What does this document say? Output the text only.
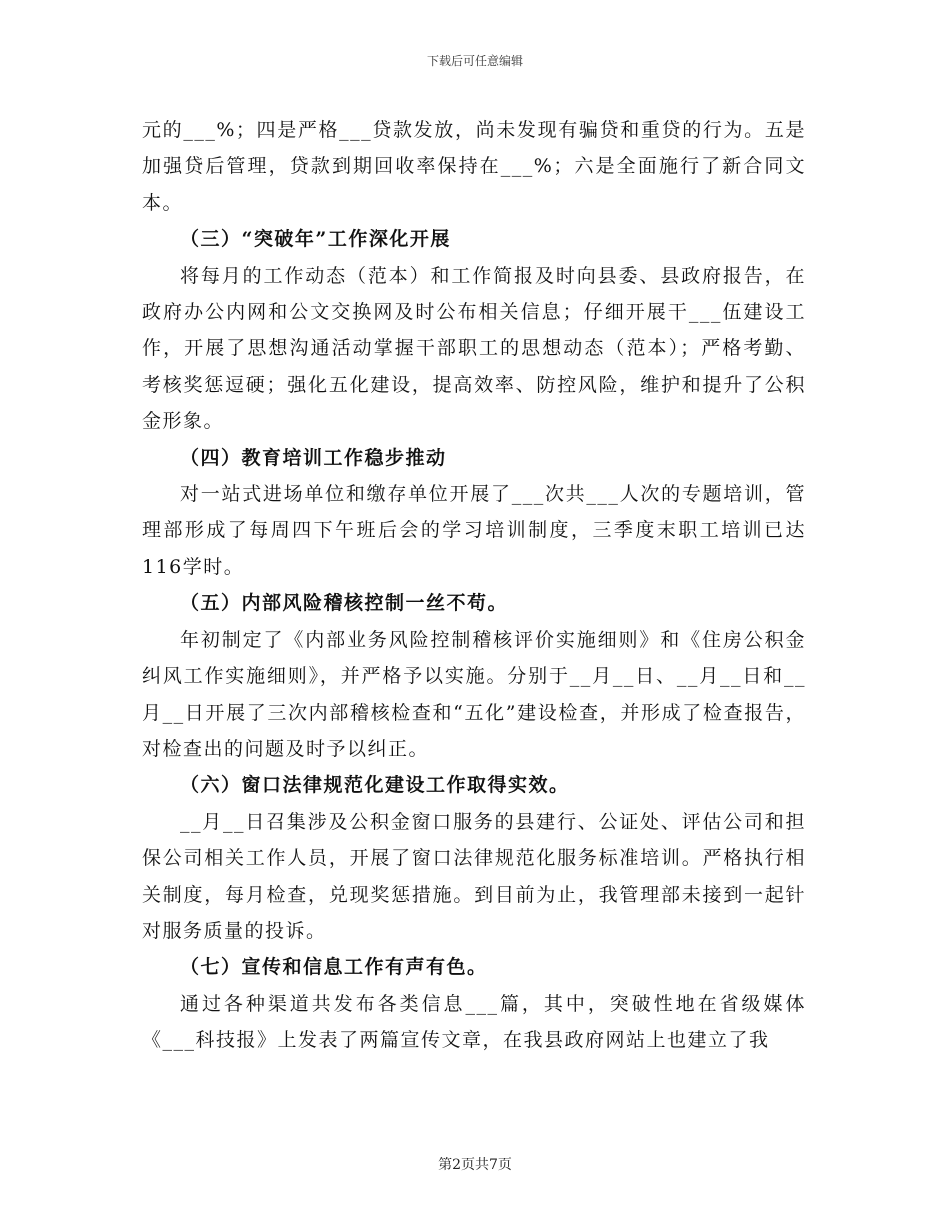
下载后可任意编辑

元的___%；四是严格___贷款发放，尚未发现有骗贷和重贷的行为。五是加强贷后管理，贷款到期回收率保持在___%；六是全面施行了新合同文本。

（三）“突破年”工作深化开展

将每月的工作动态（范本）和工作简报及时向县委、县政府报告，在政府办公内网和公文交换网及时公布相关信息；仔细开展干___伍建设工作，开展了思想沟通活动掌握干部职工的思想动态（范本）；严格考勤、考核奖惩逗硬；强化五化建设，提高效率、防控风险，维护和提升了公积金形象。

（四）教育培训工作稳步推动

对一站式进场单位和缴存单位开展了___次共___人次的专题培训，管理部形成了每周四下午班后会的学习培训制度，三季度末职工培训已达116学时。

（五）内部风险稽核控制一丝不苟。

年初制定了《内部业务风险控制稽核评价实施细则》和《住房公积金纠风工作实施细则》，并严格予以实施。分别于__月__日、__月__日和__月__日开展了三次内部稽核检查和“五化”建设检查，并形成了检查报告，对检查出的问题及时予以纠正。

（六）窗口法律规范化建设工作取得实效。

__月__日召集涉及公积金窗口服务的县建行、公证处、评估公司和担保公司相关工作人员，开展了窗口法律规范化服务标准培训。严格执行相关制度，每月检查，兑现奖惩措施。到目前为止，我管理部未接到一起针对服务质量的投诉。

（七）宣传和信息工作有声有色。

通过各种渠道共发布各类信息___篇，其中，突破性地在省级媒体《___科技报》上发表了两篇宣传文章，在我县政府网站上也建立了我

第2页共7页
